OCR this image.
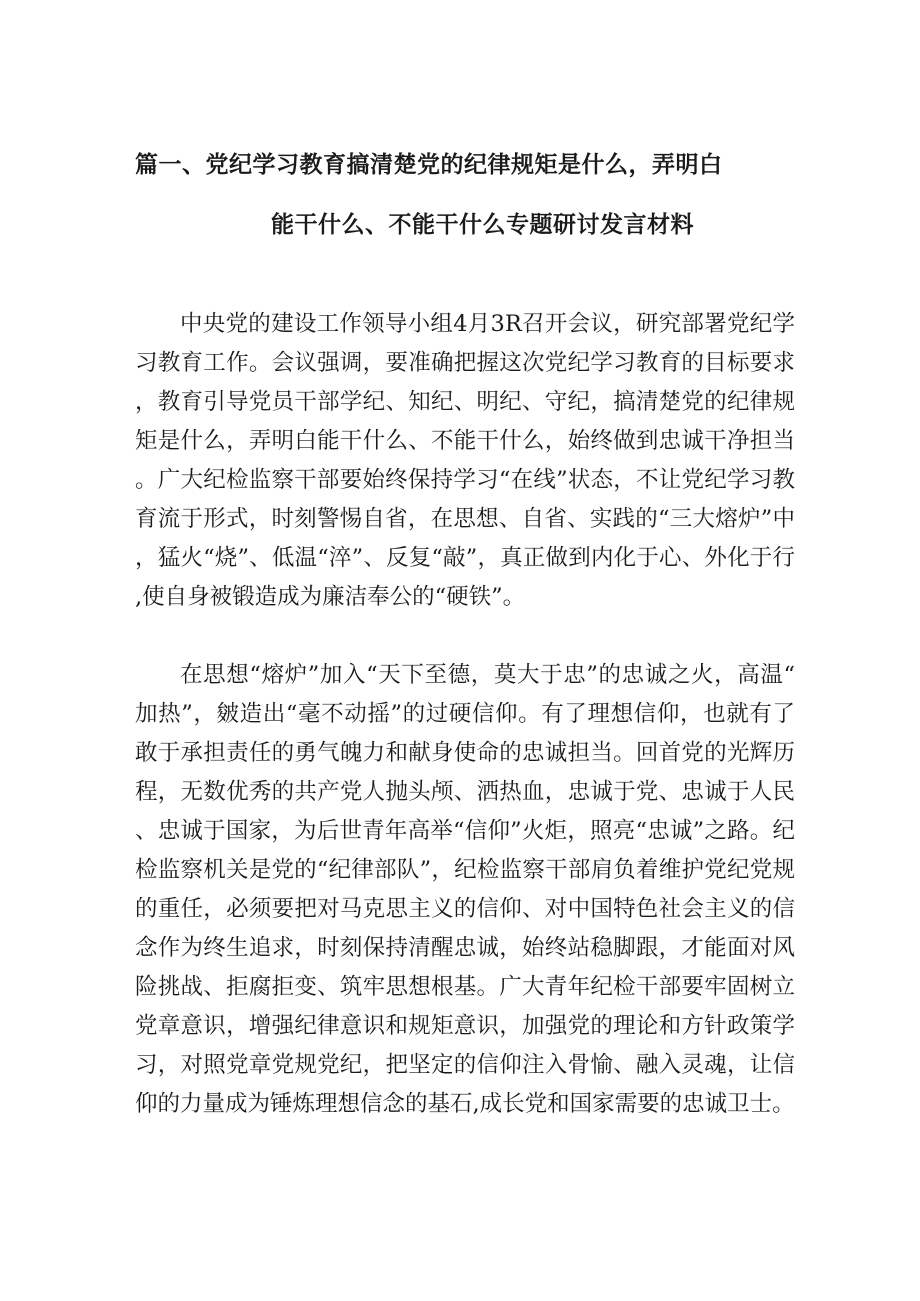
篇一、党纪学习教育搞清楚党的纪律规矩是什么，弄明白
能干什么、不能干什么专题研讨发言材料

中央党的建设工作领导小组4月3R召开会议，研究部署党纪学习教育工作。会议强调，要准确把握这次党纪学习教育的目标要求，教育引导党员干部学纪、知纪、明纪、守纪，搞清楚党的纪律规矩是什么，弄明白能干什么、不能干什么，始终做到忠诚干净担当。广大纪检监察干部要始终保持学习“在线”状态，不让党纪学习教育流于形式，时刻警惕自省，在思想、自省、实践的“三大熔炉”中，猛火“烧”、低温“淬”、反复“敲”，真正做到内化于心、外化于行,使自身被锻造成为廉洁奉公的“硬铁”。

在思想“熔炉”加入“天下至德，莫大于忠”的忠诚之火，高温“加热”，皴造出“毫不动摇”的过硬信仰。有了理想信仰，也就有了敢于承担责任的勇气魄力和献身使命的忠诚担当。回首党的光辉历程，无数优秀的共产党人抛头颅、洒热血，忠诚于党、忠诚于人民、忠诚于国家，为后世青年高举“信仰”火炬，照亮“忠诚”之路。纪检监察机关是党的“纪律部队”，纪检监察干部肩负着维护党纪党规的重任，必须要把对马克思主义的信仰、对中国特色社会主义的信念作为终生追求，时刻保持清醒忠诚，始终站稳脚跟，才能面对风险挑战、拒腐拒变、筑牢思想根基。广大青年纪检干部要牢固树立党章意识，增强纪律意识和规矩意识，加强党的理论和方针政策学习，对照党章党规党纪，把坚定的信仰注入骨愉、融入灵魂，让信仰的力量成为锤炼理想信念的基石,成长党和国家需要的忠诚卫士。
